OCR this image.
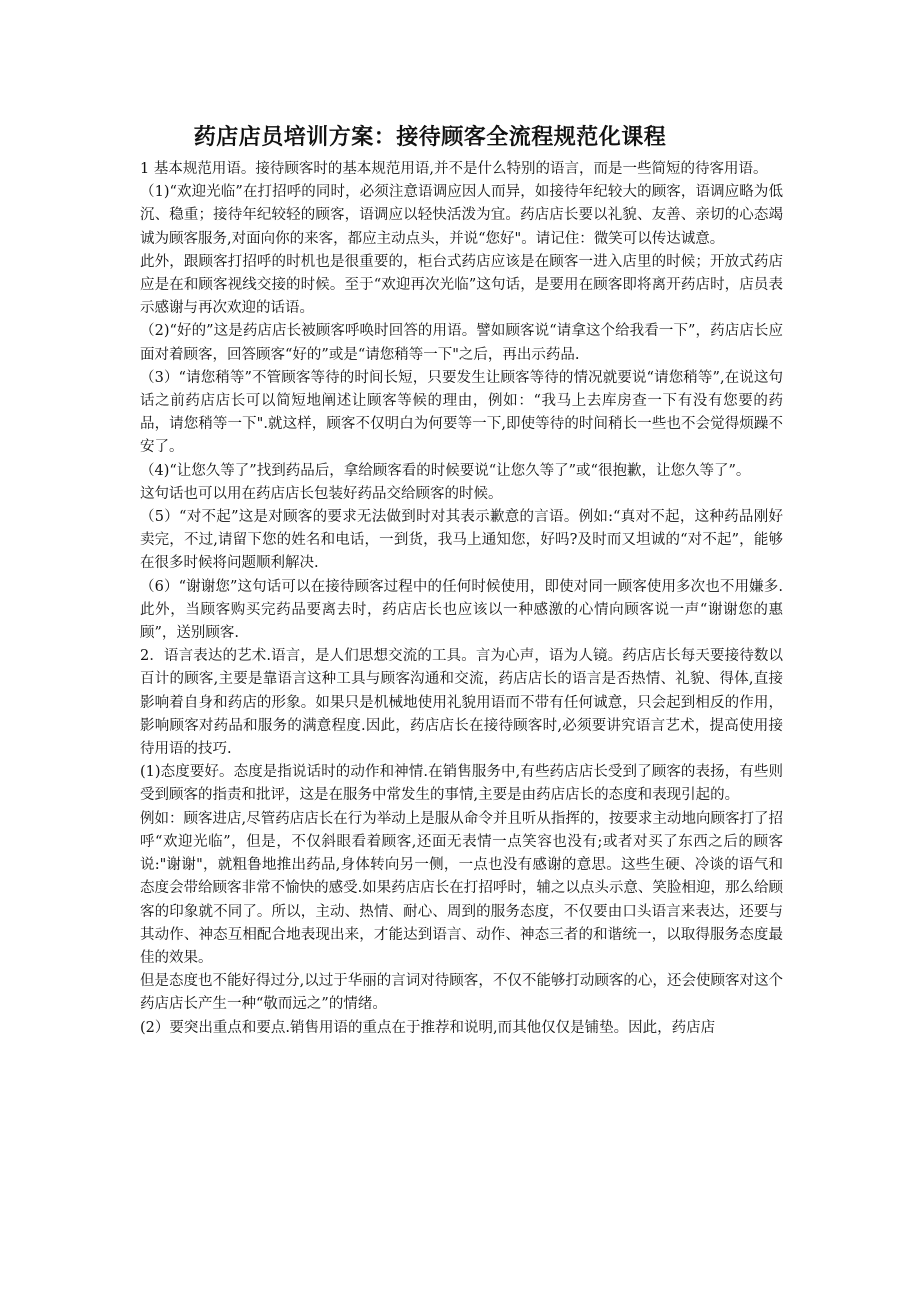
药店店员培训方案：接待顾客全流程规范化课程

1 基本规范用语。接待顾客时的基本规范用语,并不是什么特别的语言，而是一些简短的待客用语。

（1)“欢迎光临”在打招呼的同时，必须注意语调应因人而异，如接待年纪较大的顾客，语调应略为低沉、稳重；接待年纪较轻的顾客，语调应以轻快活泼为宜。药店店长要以礼貌、友善、亲切的心态竭诚为顾客服务,对面向你的来客，都应主动点头，并说“您好"。请记住：微笑可以传达诚意。

此外，跟顾客打招呼的时机也是很重要的，柜台式药店应该是在顾客一进入店里的时候；开放式药店应是在和顾客视线交接的时候。至于“欢迎再次光临”这句话，是要用在顾客即将离开药店时，店员表示感谢与再次欢迎的话语。

（2)“好的”这是药店店长被顾客呼唤时回答的用语。譬如顾客说“请拿这个给我看一下”，药店店长应面对着顾客，回答顾客“好的”或是“请您稍等一下"之后，再出示药品.

（3）“请您稍等”不管顾客等待的时间长短，只要发生让顾客等待的情况就要说“请您稍等”,在说这句话之前药店店长可以简短地阐述让顾客等候的理由，例如：“我马上去库房查一下有没有您要的药品，请您稍等一下".就这样，顾客不仅明白为何要等一下,即使等待的时间稍长一些也不会觉得烦躁不安了。

（4)“让您久等了”找到药品后，拿给顾客看的时候要说“让您久等了”或“很抱歉，让您久等了”。

这句话也可以用在药店店长包装好药品交给顾客的时候。

（5）“对不起”这是对顾客的要求无法做到时对其表示歉意的言语。例如:“真对不起，这种药品刚好卖完，不过,请留下您的姓名和电话，一到货，我马上通知您，好吗?及时而又坦诚的“对不起”，能够在很多时候将问题顺利解决.

（6）“谢谢您”这句话可以在接待顾客过程中的任何时候使用，即使对同一顾客使用多次也不用嫌多.此外，当顾客购买完药品要离去时，药店店长也应该以一种感激的心情向顾客说一声“谢谢您的惠顾”，送别顾客.

2．语言表达的艺术.语言，是人们思想交流的工具。言为心声，语为人镜。药店店长每天要接待数以百计的顾客,主要是靠语言这种工具与顾客沟通和交流，药店店长的语言是否热情、礼貌、得体,直接影响着自身和药店的形象。如果只是机械地使用礼貌用语而不带有任何诚意，只会起到相反的作用，影响顾客对药品和服务的满意程度.因此，药店店长在接待顾客时,必须要讲究语言艺术，提高使用接待用语的技巧.

(1)态度要好。态度是指说话时的动作和神情.在销售服务中,有些药店店长受到了顾客的表扬，有些则受到顾客的指责和批评，这是在服务中常发生的事情,主要是由药店店长的态度和表现引起的。

例如：顾客进店,尽管药店店长在行为举动上是服从命令并且听从指挥的，按要求主动地向顾客打了招呼“欢迎光临”，但是，不仅斜眼看着顾客,还面无表情一点笑容也没有;或者对买了东西之后的顾客说:"谢谢"，就粗鲁地推出药品,身体转向另一侧，一点也没有感谢的意思。这些生硬、冷谈的语气和态度会带给顾客非常不愉快的感受.如果药店店长在打招呼时，辅之以点头示意、笑脸相迎，那么给顾客的印象就不同了。所以，主动、热情、耐心、周到的服务态度，不仅要由口头语言来表达，还要与其动作、神态互相配合地表现出来，才能达到语言、动作、神态三者的和谐统一，以取得服务态度最佳的效果。

但是态度也不能好得过分,以过于华丽的言词对待顾客，不仅不能够打动顾客的心，还会使顾客对这个药店店长产生一种“敬而远之”的情绪。

(2）要突出重点和要点.销售用语的重点在于推荐和说明,而其他仅仅是铺垫。因此，药店店
